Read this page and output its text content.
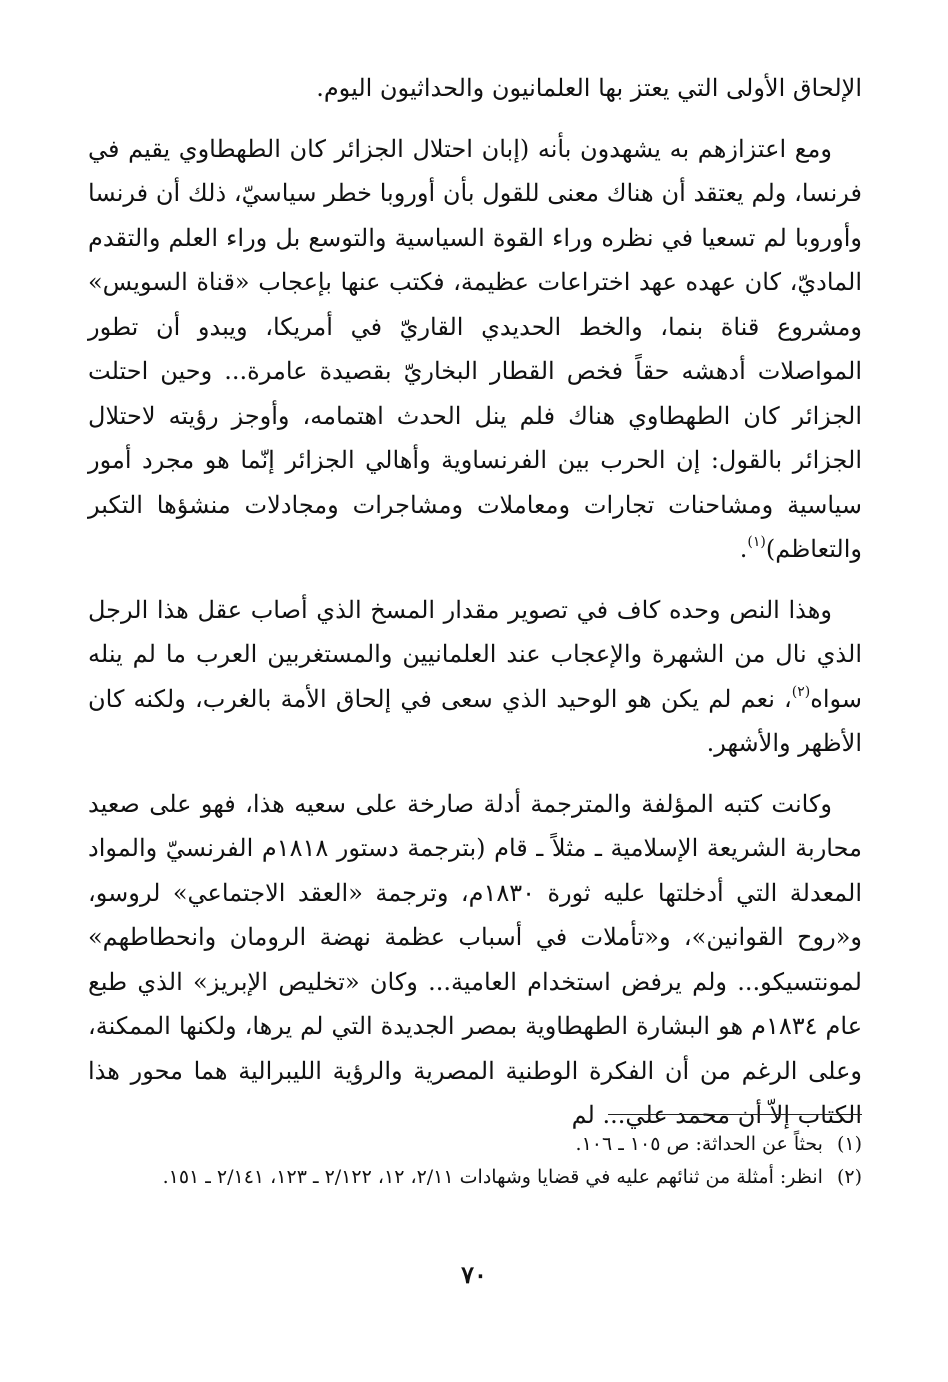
الإلحاق الأولى التي يعتز بها العلمانيون والحداثيون اليوم.

ومع اعتزازهم به يشهدون بأنه (إبان احتلال الجزائر كان الطهطاوي يقيم في فرنسا، ولم يعتقد أن هناك معنى للقول بأن أوروبا خطر سياسيّ، ذلك أن فرنسا وأوروبا لم تسعيا في نظره وراء القوة السياسية والتوسع بل وراء العلم والتقدم الماديّ، كان عهده عهد اختراعات عظيمة، فكتب عنها بإعجاب «قناة السويس» ومشروع قناة بنما، والخط الحديدي القاريّ في أمريكا، ويبدو أن تطور المواصلات أدهشه حقاً فخص القطار البخاريّ بقصيدة عامرة... وحين احتلت الجزائر كان الطهطاوي هناك فلم ينل الحدث اهتمامه، وأوجز رؤيته لاحتلال الجزائر بالقول: إن الحرب بين الفرنساوية وأهالي الجزائر إنّما هو مجرد أمور سياسية ومشاحنات تجارات ومعاملات ومشاجرات ومجادلات منشؤها التكبر والتعاظم)$^{(١)}$.

وهذا النص وحده كاف في تصوير مقدار المسخ الذي أصاب عقل هذا الرجل الذي نال من الشهرة والإعجاب عند العلمانيين والمستغربين العرب ما لم ينله سواه$^{(٢)}$، نعم لم يكن هو الوحيد الذي سعى في إلحاق الأمة بالغرب، ولكنه كان الأظهر والأشهر.

وكانت كتبه المؤلفة والمترجمة أدلة صارخة على سعيه هذا، فهو على صعيد محاربة الشريعة الإسلامية ـ مثلاً ـ قام (بترجمة دستور ١٨١٨م الفرنسيّ والمواد المعدلة التي أدخلتها عليه ثورة ١٨٣٠م، وترجمة «العقد الاجتماعي» لروسو، و«روح القوانين»، و«تأملات في أسباب عظمة نهضة الرومان وانحطاطهم» لمونتسيكو... ولم يرفض استخدام العامية... وكان «تخليص الإبريز» الذي طبع عام ١٨٣٤م هو البشارة الطهطاوية بمصر الجديدة التي لم يرها، ولكنها الممكنة، وعلى الرغم من أن الفكرة الوطنية المصرية والرؤية الليبرالية هما محور هذا الكتاب إلاّ أن محمد علي... لم

(١)
بحثاً عن الحداثة: ص ١٠٥ ـ ١٠٦.
(٢)
انظر: أمثلة من ثنائهم عليه في قضايا وشهادات ٢/١١، ١٢، ٢/١٢٢ ـ ١٢٣، ٢/١٤١ ـ ١٥١.
٧٠
